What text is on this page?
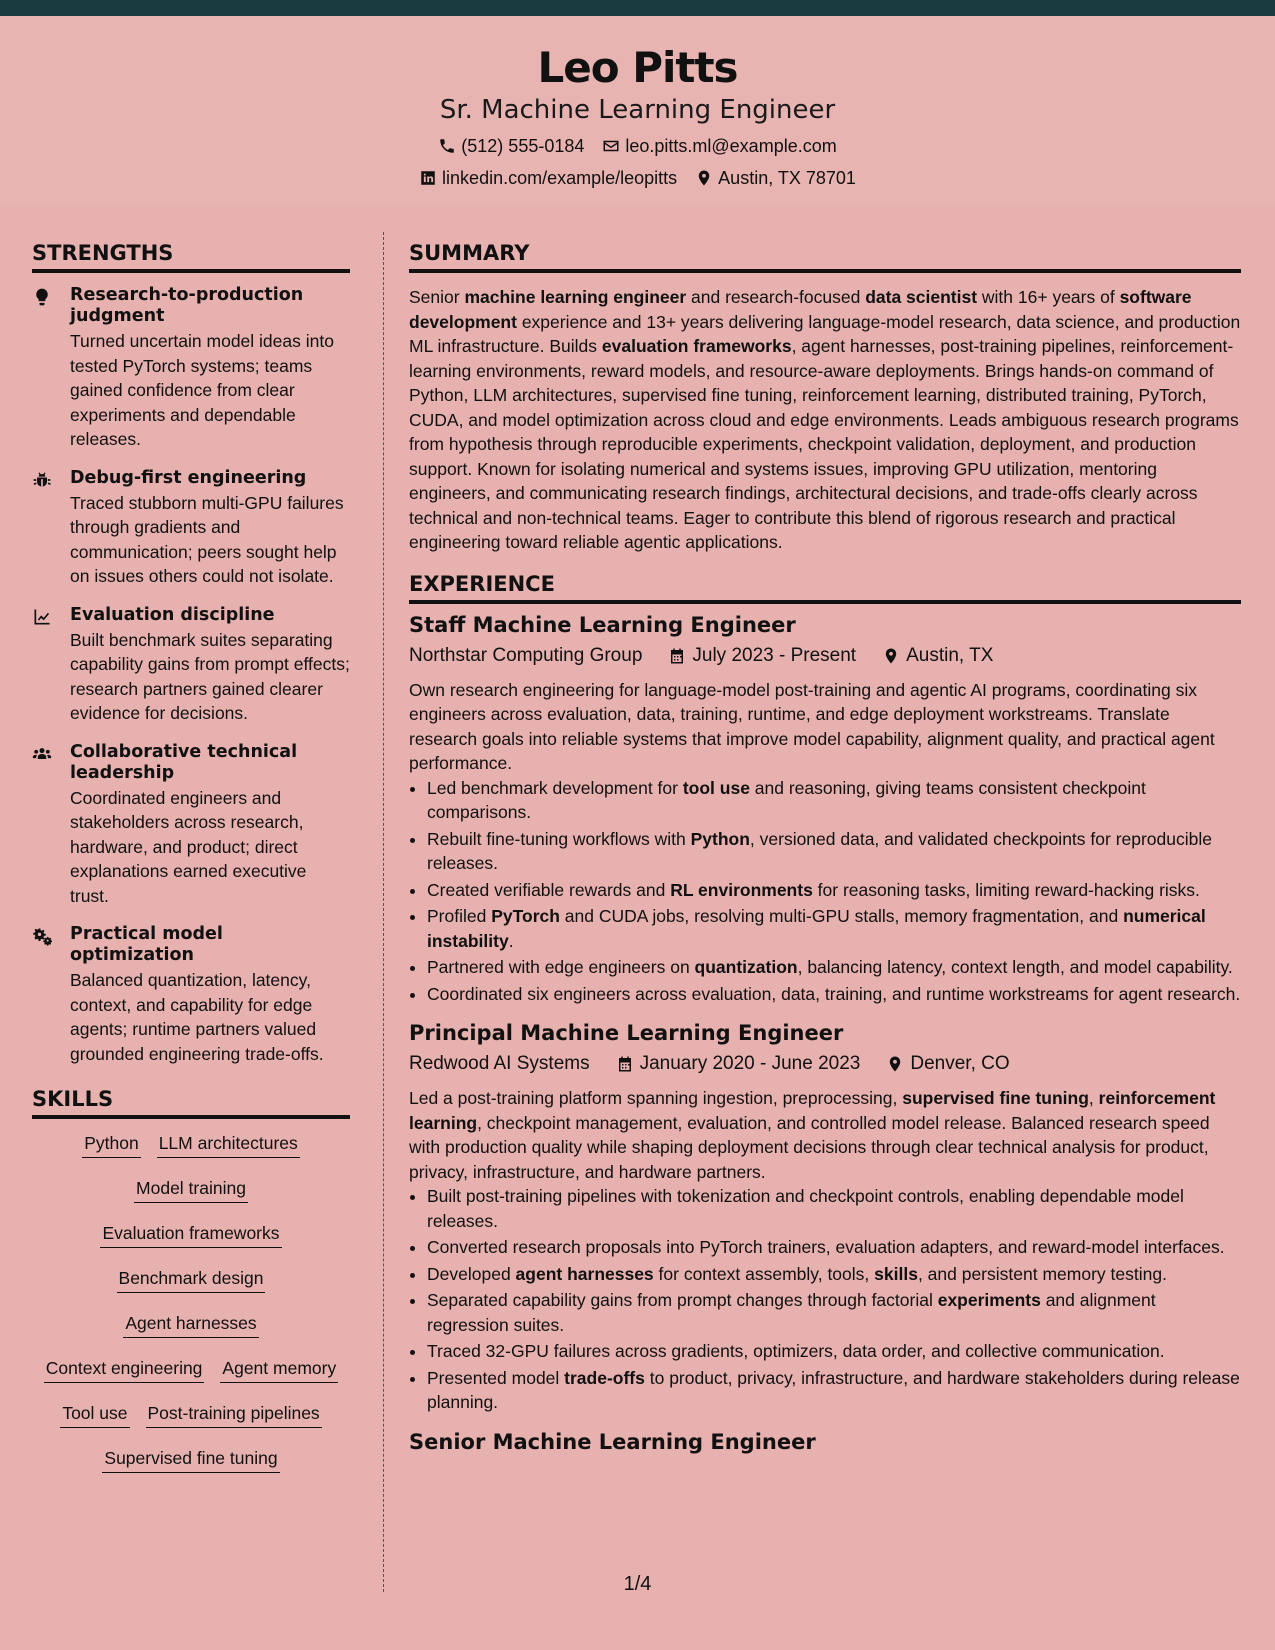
Leo Pitts
Sr. Machine Learning Engineer
(512) 555-0184 leo.pitts.ml@example.com
linkedin.com/example/leopitts Austin, TX 78701
STRENGTHS
Research-to-production judgment

Turned uncertain model ideas into tested PyTorch systems; teams gained confidence from clear experiments and dependable releases.

Debug-first engineering

Traced stubborn multi-GPU failures through gradients and communication; peers sought help on issues others could not isolate.

Evaluation discipline

Built benchmark suites separating capability gains from prompt effects; research partners gained clearer evidence for decisions.

Collaborative technical leadership

Coordinated engineers and stakeholders across research, hardware, and product; direct explanations earned executive trust.

Practical model optimization

Balanced quantization, latency, context, and capability for edge agents; runtime partners valued grounded engineering trade-offs.

SKILLS
Python LLM architectures
Model training
Evaluation frameworks
Benchmark design
Agent harnesses
Context engineering Agent memory
Tool use Post-training pipelines
Supervised fine tuning
SUMMARY

Senior machine learning engineer and research-focused data scientist with 16+ years of software development experience and 13+ years delivering language-model research, data science, and production ML infrastructure. Builds evaluation frameworks, agent harnesses, post-training pipelines, reinforcement-learning environments, reward models, and resource-aware deployments. Brings hands-on command of Python, LLM architectures, supervised fine tuning, reinforcement learning, distributed training, PyTorch, CUDA, and model optimization across cloud and edge environments. Leads ambiguous research programs from hypothesis through reproducible experiments, checkpoint validation, deployment, and production support. Known for isolating numerical and systems issues, improving GPU utilization, mentoring engineers, and communicating research findings, architectural decisions, and trade-offs clearly across technical and non-technical teams. Eager to contribute this blend of rigorous research and practical engineering toward reliable agentic applications.

EXPERIENCE
Staff Machine Learning Engineer
Northstar Computing Group	July 2023 - Present	Austin, TX

Own research engineering for language-model post-training and agentic AI programs, coordinating six engineers across evaluation, data, training, runtime, and edge deployment workstreams. Translate research goals into reliable systems that improve model capability, alignment quality, and practical agent performance.

• Led benchmark development for tool use and reasoning, giving teams consistent checkpoint comparisons.
• Rebuilt fine-tuning workflows with Python, versioned data, and validated checkpoints for reproducible releases.
• Created verifiable rewards and RL environments for reasoning tasks, limiting reward-hacking risks.
• Profiled PyTorch and CUDA jobs, resolving multi-GPU stalls, memory fragmentation, and numerical instability.
• Partnered with edge engineers on quantization, balancing latency, context length, and model capability.
• Coordinated six engineers across evaluation, data, training, and runtime workstreams for agent research.
Principal Machine Learning Engineer
Redwood AI Systems	January 2020 - June 2023	Denver, CO

Led a post-training platform spanning ingestion, preprocessing, supervised fine tuning, reinforcement learning, checkpoint management, evaluation, and controlled model release. Balanced research speed with production quality while shaping deployment decisions through clear technical analysis for product, privacy, infrastructure, and hardware partners.

• Built post-training pipelines with tokenization and checkpoint controls, enabling dependable model releases.
• Converted research proposals into PyTorch trainers, evaluation adapters, and reward-model interfaces.
• Developed agent harnesses for context assembly, tools, skills, and persistent memory testing.
• Separated capability gains from prompt changes through factorial experiments and alignment regression suites.
• Traced 32-GPU failures across gradients, optimizers, data order, and collective communication.
• Presented model trade-offs to product, privacy, infrastructure, and hardware stakeholders during release planning.
Senior Machine Learning Engineer
1/4
